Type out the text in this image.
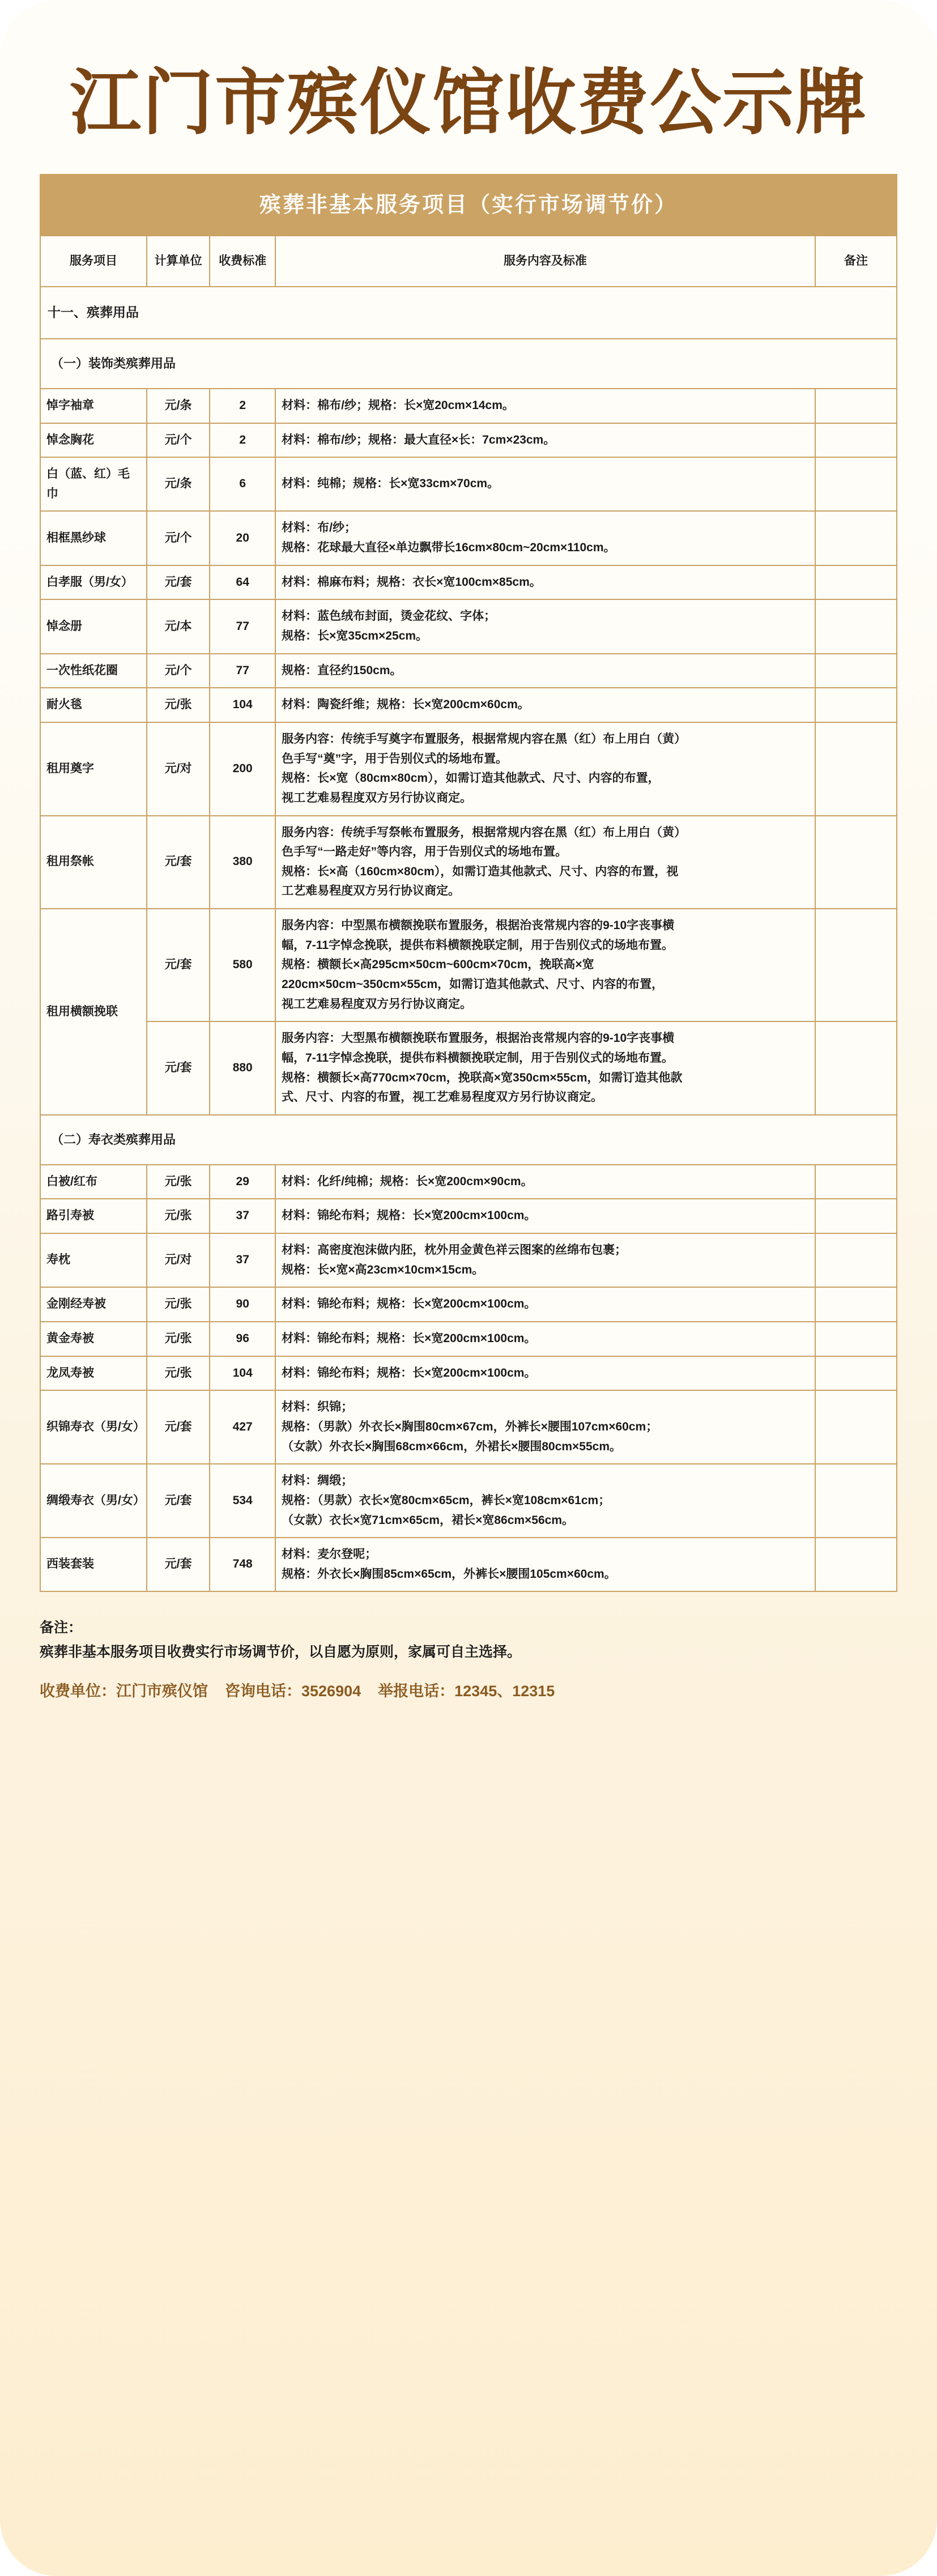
江门市殡仪馆收费公示牌
殡葬非基本服务项目（实行市场调节价）
服务项目	计算单位	收费标准	服务内容及标准	备注
十一、殡葬用品				
（一）装饰类殡葬用品				
悼字袖章	元/条	2	材料：棉布/纱；规格：长×宽20cm×14cm。	

悼念胸花	元/个	2	材料：棉布/纱；规格：最大直径×长：7cm×23cm。	

白（蓝、红）毛巾	元/条	6	材料：纯棉；规格：长×宽33cm×70cm。	

相框黑纱球	元/个	20	材料：布/纱；
规格：花球最大直径×单边飘带长16cm×80cm~20cm×110cm。	

白孝服（男/女）	元/套	64	材料：棉麻布料；规格：衣长×宽100cm×85cm。	

悼念册	元/本	77	材料：蓝色绒布封面，烫金花纹、字体；
规格：长×宽35cm×25cm。	

一次性纸花圈	元/个	77	规格：直径约150cm。	

耐火毯	元/张	104	材料：陶瓷纤维；规格：长×宽200cm×60cm。	

租用奠字	元/对	200	服务内容：传统手写奠字布置服务，根据常规内容在黑（红）布上用白（黄）
色手写“奠”字，用于告别仪式的场地布置。
规格：长×宽（80cm×80cm），如需订造其他款式、尺寸、内容的布置，
视工艺难易程度双方另行协议商定。	

租用祭帐	元/套	380	服务内容：传统手写祭帐布置服务，根据常规内容在黑（红）布上用白（黄）
色手写“一路走好”等内容，用于告别仪式的场地布置。
规格：长×高（160cm×80cm），如需订造其他款式、尺寸、内容的布置，视
工艺难易程度双方另行协议商定。	

租用横额挽联	元/套	580	服务内容：中型黑布横额挽联布置服务，根据治丧常规内容的9-10字丧事横
幅，7-11字悼念挽联，提供布料横额挽联定制，用于告别仪式的场地布置。
规格：横额长×高295cm×50cm~600cm×70cm，挽联高×宽
220cm×50cm~350cm×55cm，如需订造其他款式、尺寸、内容的布置，
视工艺难易程度双方另行协议商定。	

	元/套	880	服务内容：大型黑布横额挽联布置服务，根据治丧常规内容的9-10字丧事横
幅，7-11字悼念挽联，提供布料横额挽联定制，用于告别仪式的场地布置。
规格：横额长×高770cm×70cm，挽联高×宽350cm×55cm，如需订造其他款
式、尺寸、内容的布置，视工艺难易程度双方另行协议商定。	

（二）寿衣类殡葬用品				
白被/红布	元/张	29	材料：化纤/纯棉；规格：长×宽200cm×90cm。	

路引寿被	元/张	37	材料：锦纶布料；规格：长×宽200cm×100cm。	

寿枕	元/对	37	材料：高密度泡沫做内胚，枕外用金黄色祥云图案的丝绵布包裹；
规格：长×宽×高23cm×10cm×15cm。	

金刚经寿被	元/张	90	材料：锦纶布料；规格：长×宽200cm×100cm。	

黄金寿被	元/张	96	材料：锦纶布料；规格：长×宽200cm×100cm。	

龙凤寿被	元/张	104	材料：锦纶布料；规格：长×宽200cm×100cm。	

织锦寿衣（男/女）	元/套	427	材料：织锦；
规格：（男款）外衣长×胸围80cm×67cm，外裤长×腰围107cm×60cm；
（女款）外衣长×胸围68cm×66cm，外裙长×腰围80cm×55cm。	

绸缎寿衣（男/女）	元/套	534	材料：绸缎；
规格：（男款）衣长×宽80cm×65cm，裤长×宽108cm×61cm；
（女款）衣长×宽71cm×65cm，裙长×宽86cm×56cm。	

西装套装	元/套	748	材料：麦尔登呢；
规格：外衣长×胸围85cm×65cm，外裤长×腰围105cm×60cm。	

备注：
殡葬非基本服务项目收费实行市场调节价，以自愿为原则，家属可自主选择。
收费单位：江门市殡仪馆    咨询电话：3526904    举报电话：12345、12315
